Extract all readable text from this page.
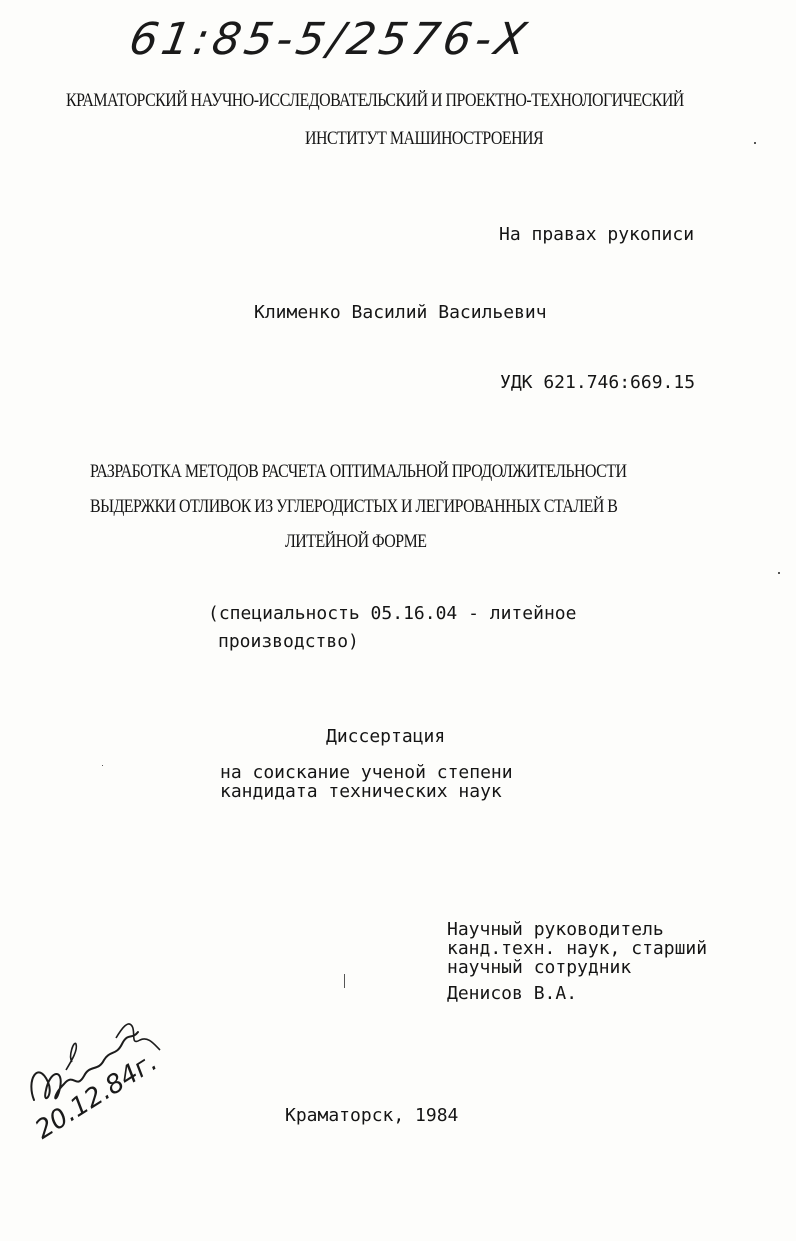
61:85-5/2576-Х
КРАМАТОРСКИЙ НАУЧНО-ИССЛЕДОВАТЕЛЬСКИЙ И ПРОЕКТНО-ТЕХНОЛОГИЧЕСКИЙ
ИНСТИТУТ МАШИНОСТРОЕНИЯ
На правах рукописи
Клименко Василий Васильевич
УДК 621.746:669.15
РАЗРАБОТКА МЕТОДОВ РАСЧЕТА ОПТИМАЛЬНОЙ ПРОДОЛЖИТЕЛЬНОСТИ
ВЫДЕРЖКИ ОТЛИВОК ИЗ УГЛЕРОДИСТЫХ И ЛЕГИРОВАННЫХ СТАЛЕЙ В
ЛИТЕЙНОЙ ФОРМЕ
(специальность 05.16.04 - литейное
производство)
Диссертация
на соискание ученой степени
кандидата технических наук
Научный руководитель
канд.техн. наук, старший
научный сотрудник
Денисов В.А.
Краматорск, 1984
20.12.84г.
